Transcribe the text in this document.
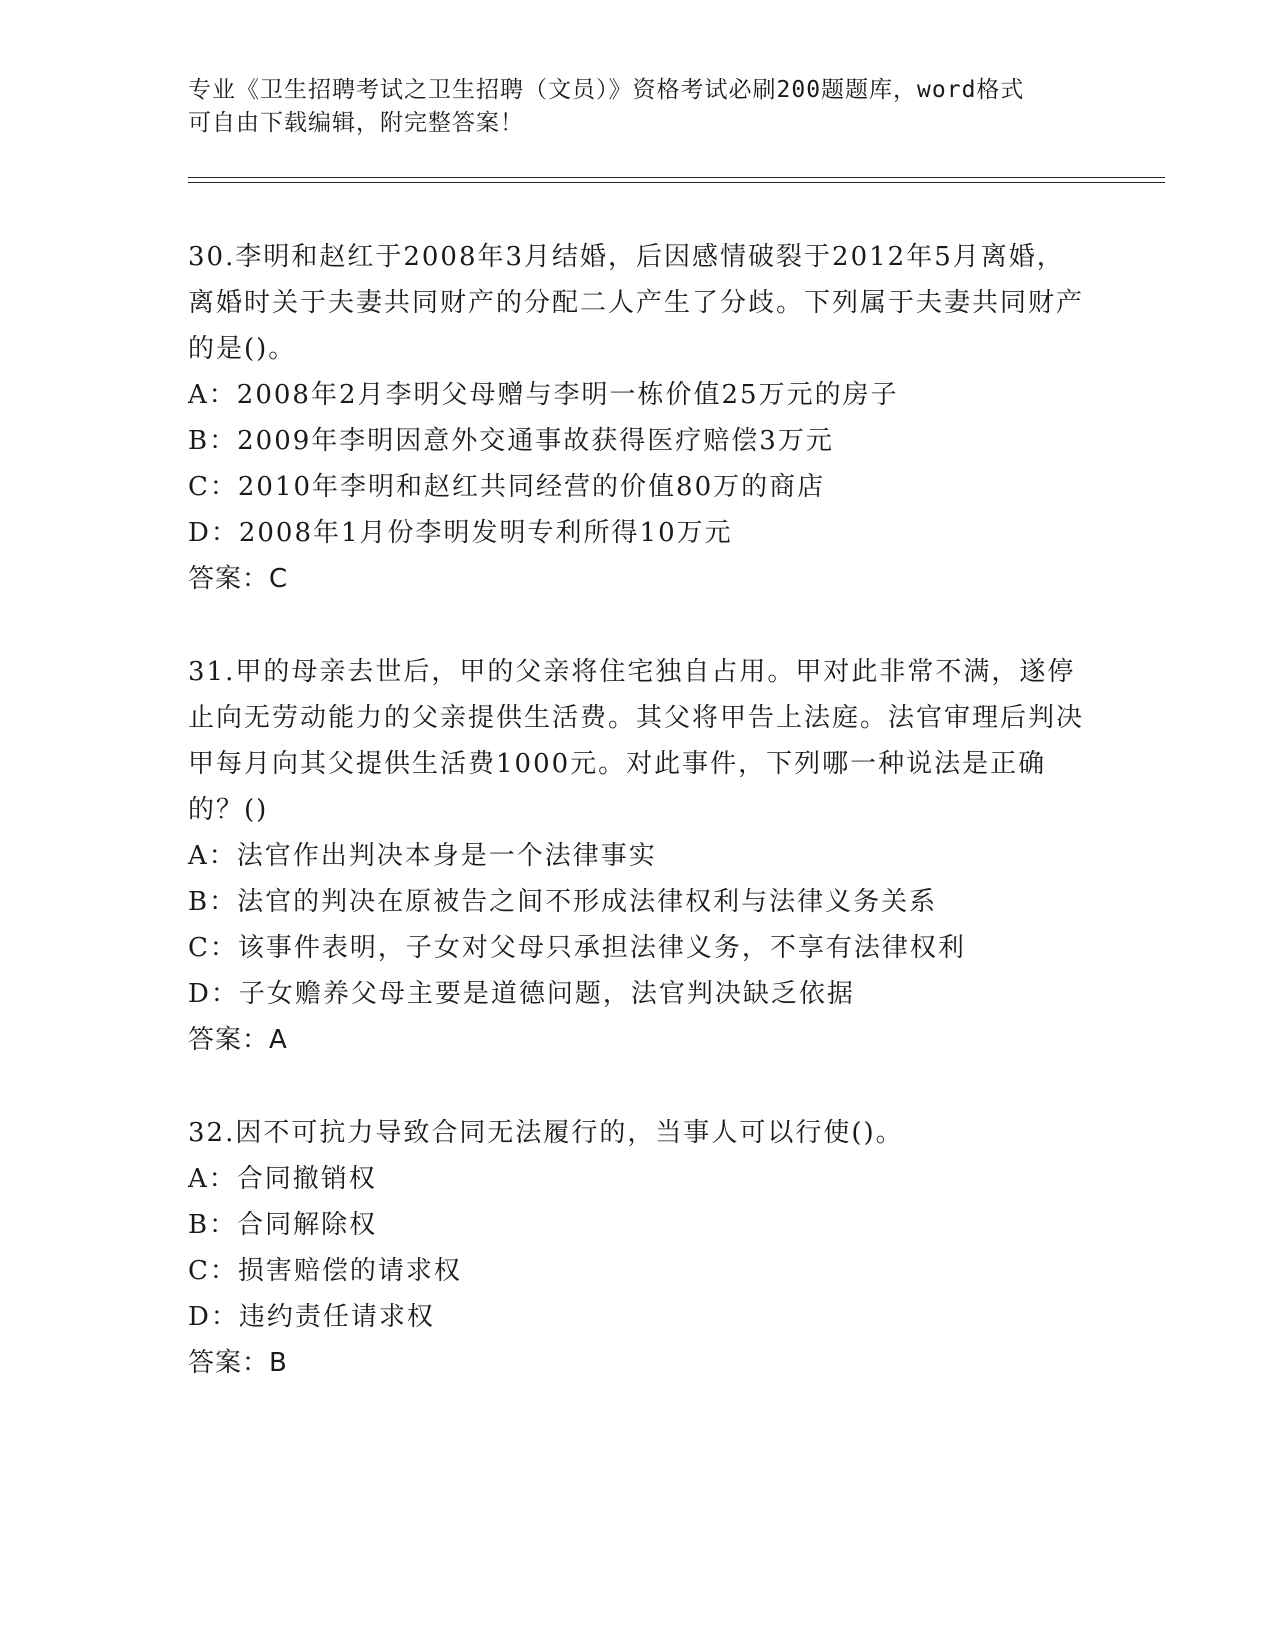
专业《卫生招聘考试之卫生招聘（文员）》资格考试必刷200题题库，word格式

可自由下载编辑，附完整答案！

30.李明和赵红于2008年3月结婚，后因感情破裂于2012年5月离婚，离婚时关于夫妻共同财产的分配二人产生了分歧。下列属于夫妻共同财产的是()。

A：2008年2月李明父母赠与李明一栋价值25万元的房子

B：2009年李明因意外交通事故获得医疗赔偿3万元

C：2010年李明和赵红共同经营的价值80万的商店

D：2008年1月份李明发明专利所得10万元

答案：C

31.甲的母亲去世后，甲的父亲将住宅独自占用。甲对此非常不满，遂停止向无劳动能力的父亲提供生活费。其父将甲告上法庭。法官审理后判决甲每月向其父提供生活费1000元。对此事件，下列哪一种说法是正确的？()

A：法官作出判决本身是一个法律事实

B：法官的判决在原被告之间不形成法律权利与法律义务关系

C：该事件表明，子女对父母只承担法律义务，不享有法律权利

D：子女赡养父母主要是道德问题，法官判决缺乏依据

答案：A

32.因不可抗力导致合同无法履行的，当事人可以行使()。

A：合同撤销权

B：合同解除权

C：损害赔偿的请求权

D：违约责任请求权

答案：B
